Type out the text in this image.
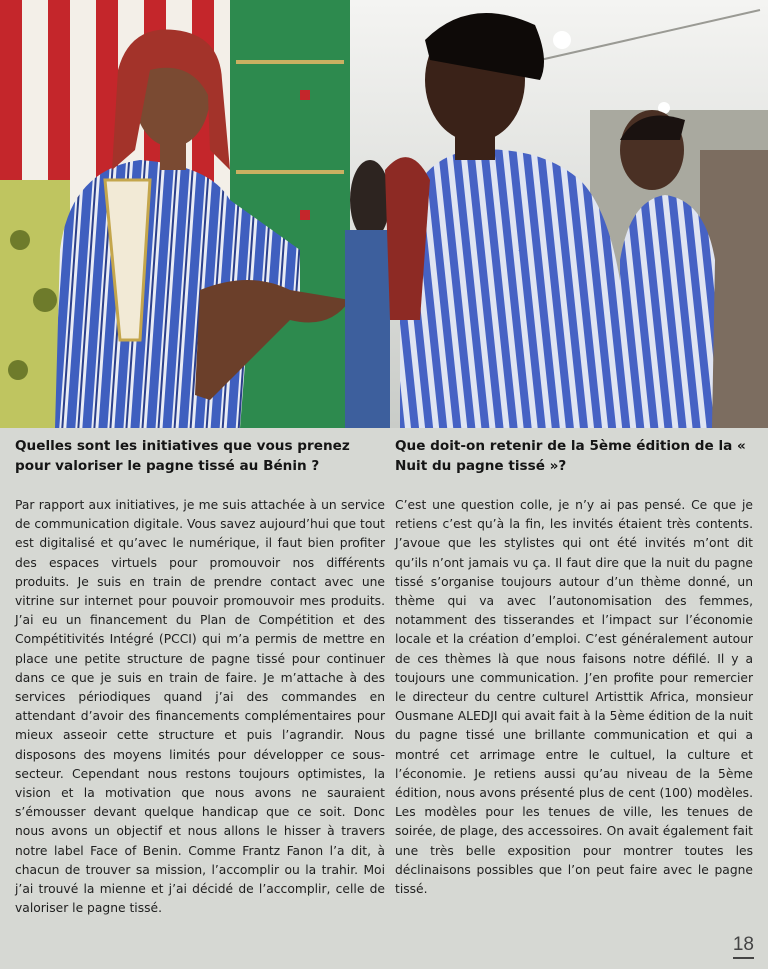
Quelles sont les initiatives que vous prenez pour valoriser le pagne tissé au Bénin ?

Par rapport aux initiatives, je me suis attachée à un service de communication digitale. Vous savez aujourd’hui que tout est digitalisé et qu’avec le numérique, il faut bien profiter des espaces virtuels pour promouvoir nos différents produits. Je suis en train de prendre contact avec une vitrine sur internet pour pouvoir promouvoir mes produits. J’ai eu un financement du Plan de Compétition et des Compétitivités Intégré (PCCI) qui m’a permis de mettre en place une petite structure de pagne tissé pour continuer dans ce que je suis en train de faire. Je m’attache à des services périodiques quand j’ai des commandes en attendant d’avoir des financements complémentaires pour mieux asseoir cette structure et puis l’agrandir. Nous disposons des moyens limités pour développer ce sous-secteur. Cependant nous restons toujours optimistes, la vision et la motivation que nous avons ne sauraient s’émousser devant quelque handicap que ce soit. Donc nous avons un objectif et nous allons le hisser à travers notre label Face of Benin. Comme Frantz Fanon l’a dit, à chacun de trouver sa mission, l’accomplir ou la trahir. Moi j’ai trouvé la mienne et j’ai décidé de l’accomplir, celle de valoriser le pagne tissé.

Que doit-on retenir de la 5ème édition de la « Nuit du pagne tissé »?

C’est une question colle, je n’y ai pas pensé. Ce que je retiens c’est qu’à la fin, les invités étaient très contents. J’avoue que les stylistes qui ont été invités m’ont dit qu’ils n’ont jamais vu ça. Il faut dire que la nuit du pagne tissé s’organise toujours autour d’un thème donné, un thème qui va avec l’autonomisation des femmes, notamment des tisserandes et l’impact sur l’économie locale et la création d’emploi. C’est généralement autour de ces thèmes là que nous faisons notre défilé. Il y a toujours une communication. J’en profite pour remercier le directeur du centre culturel Artisttik Africa, monsieur Ousmane ALEDJI qui avait fait à la 5ème édition de la nuit du pagne tissé une brillante communication et qui a montré cet arrimage entre le cultuel, la culture et l’économie. Je retiens aussi qu’au niveau de la 5ème édition, nous avons présenté plus de cent (100) modèles. Les modèles pour les tenues de ville, les tenues de soirée, de plage, des accessoires. On avait également fait une très belle exposition pour montrer toutes les déclinaisons possibles que l’on peut faire avec le pagne tissé.

18
